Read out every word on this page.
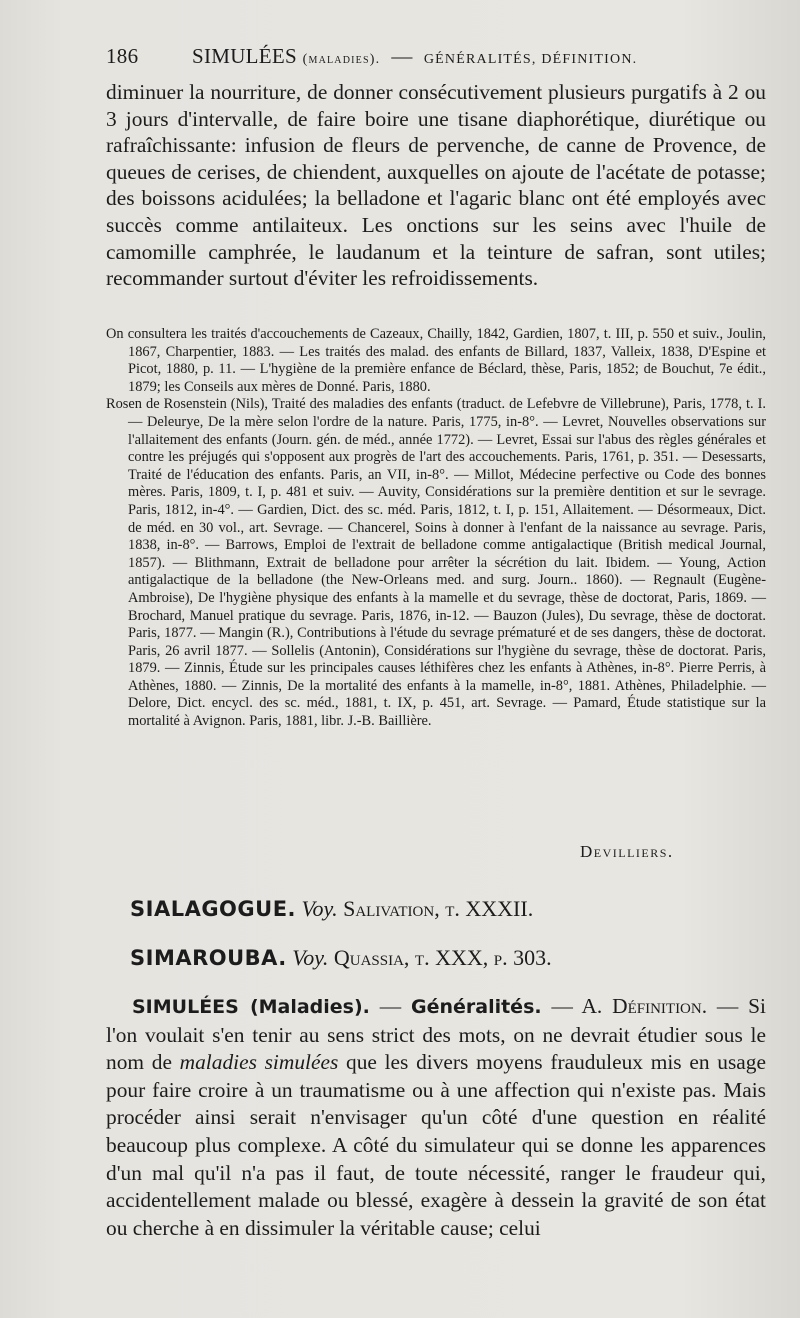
186	SIMULÉES (maladies). — GÉNÉRALITÉS, DÉFINITION.
diminuer la nourriture, de donner consécutivement plusieurs purgatifs à 2 ou 3 jours d'intervalle, de faire boire une tisane diaphorétique, diurétique ou rafraîchissante: infusion de fleurs de pervenche, de canne de Provence, de queues de cerises, de chiendent, auxquelles on ajoute de l'acétate de potasse; des boissons acidulées; la belladone et l'agaric blanc ont été employés avec succès comme antilaiteux. Les onctions sur les seins avec l'huile de camomille camphrée, le laudanum et la teinture de safran, sont utiles; recommander surtout d'éviter les refroidissements.

On consultera les traités d'accouchements de Cazeaux, Chailly, 1842, Gardien, 1807, t. III, p. 550 et suiv., Joulin, 1867, Charpentier, 1883. — Les traités des malad. des enfants de Billard, 1837, Valleix, 1838, D'Espine et Picot, 1880, p. 11. — L'hygiène de la première enfance de Béclard, thèse, Paris, 1852; de Bouchut, 7e édit., 1879; les Conseils aux mères de Donné. Paris, 1880.

Rosen de Rosenstein (Nils), Traité des maladies des enfants (traduct. de Lefebvre de Villebrune), Paris, 1778, t. I. — Deleurye, De la mère selon l'ordre de la nature. Paris, 1775, in-8°. — Levret, Nouvelles observations sur l'allaitement des enfants (Journ. gén. de méd., année 1772). — Levret, Essai sur l'abus des règles générales et contre les préjugés qui s'opposent aux progrès de l'art des accouchements. Paris, 1761, p. 351. — Desessarts, Traité de l'éducation des enfants. Paris, an VII, in-8°. — Millot, Médecine perfective ou Code des bonnes mères. Paris, 1809, t. I, p. 481 et suiv. — Auvity, Considérations sur la première dentition et sur le sevrage. Paris, 1812, in-4°. — Gardien, Dict. des sc. méd. Paris, 1812, t. I, p. 151, Allaitement. — Désormeaux, Dict. de méd. en 30 vol., art. Sevrage. — Chancerel, Soins à donner à l'enfant de la naissance au sevrage. Paris, 1838, in-8°. — Barrows, Emploi de l'extrait de belladone comme antigalactique (British medical Journal, 1857). — Blithmann, Extrait de belladone pour arrêter la sécrétion du lait. Ibidem. — Young, Action antigalactique de la belladone (the New-Orleans med. and surg. Journ.. 1860). — Regnault (Eugène-Ambroise), De l'hygiène physique des enfants à la mamelle et du sevrage, thèse de doctorat, Paris, 1869. — Brochard, Manuel pratique du sevrage. Paris, 1876, in-12. — Bauzon (Jules), Du sevrage, thèse de doctorat. Paris, 1877. — Mangin (R.), Contributions à l'étude du sevrage prématuré et de ses dangers, thèse de doctorat. Paris, 26 avril 1877. — Sollelis (Antonin), Considérations sur l'hygiène du sevrage, thèse de doctorat. Paris, 1879. — Zinnis, Étude sur les principales causes léthifères chez les enfants à Athènes, in-8°. Pierre Perris, à Athènes, 1880. — Zinnis, De la mortalité des enfants à la mamelle, in-8°, 1881. Athènes, Philadelphie. — Delore, Dict. encycl. des sc. méd., 1881, t. IX, p. 451, art. Sevrage. — Pamard, Étude statistique sur la mortalité à Avignon. Paris, 1881, libr. J.-B. Baillière.

Devilliers.
SIALAGOGUE. Voy. Salivation, t. XXXII.
SIMAROUBA. Voy. Quassia, t. XXX, p. 303.
SIMULÉES (Maladies). — Généralités. — A. Définition. — Si l'on voulait s'en tenir au sens strict des mots, on ne devrait étudier sous le nom de maladies simulées que les divers moyens frauduleux mis en usage pour faire croire à un traumatisme ou à une affection qui n'existe pas. Mais procéder ainsi serait n'envisager qu'un côté d'une question en réalité beaucoup plus complexe. A côté du simulateur qui se donne les apparences d'un mal qu'il n'a pas il faut, de toute nécessité, ranger le fraudeur qui, accidentellement malade ou blessé, exagère à dessein la gravité de son état ou cherche à en dissimuler la véritable cause; celui
